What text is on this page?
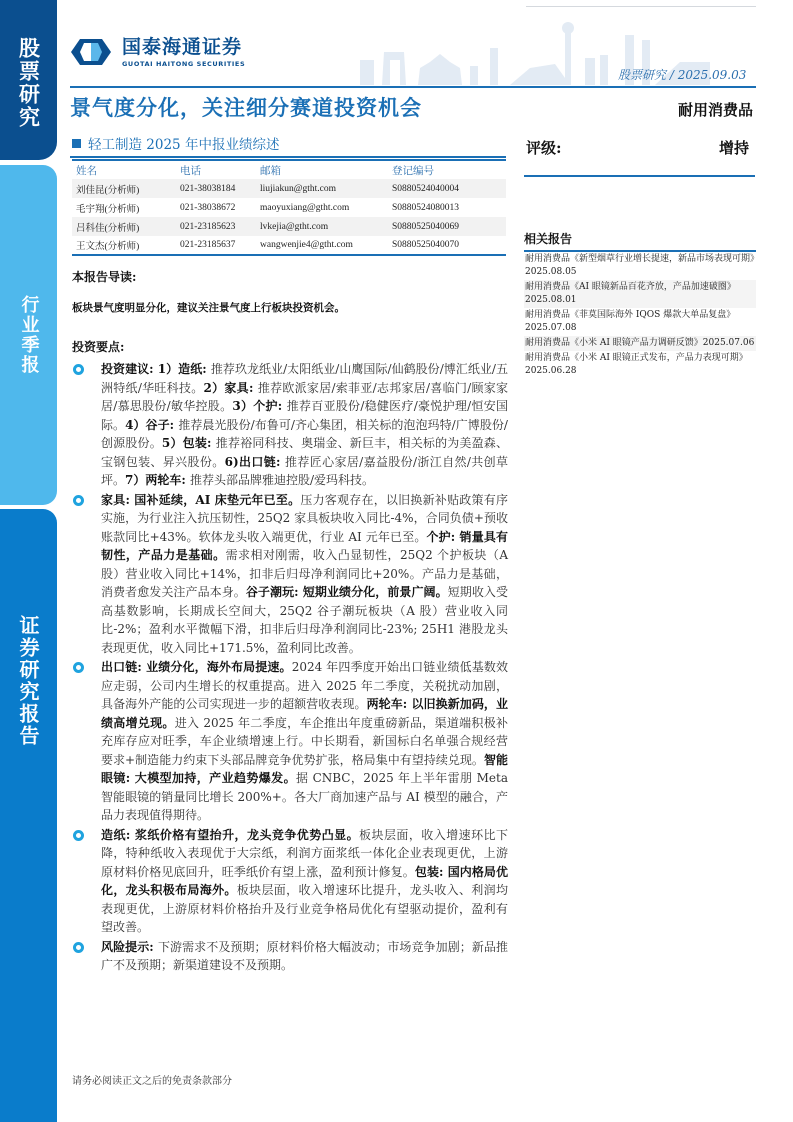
股票研究
行业季报
证券研究报告
国泰海通证券
GUOTAI HAITONG SECURITIES
股票研究 / 2025.09.03
景气度分化，关注细分赛道投资机会	耐用消费品
轻工制造 2025 年中报业绩综述	评级:	增持
姓名	电话	邮箱	登记编号
刘佳昆(分析师)	021-38038184	liujiakun@gtht.com	S0880524040004
毛宇翔(分析师)	021-38038672	maoyuxiang@gtht.com	S0880524080013
吕科佳(分析师)	021-23185623	lvkejia@gtht.com	S0880525040069
王文杰(分析师)	021-23185637	wangwenjie4@gtht.com	S0880525040070	相关报告
耐用消费品《新型烟草行业增长提速，新品市场表现可期》2025.08.05
耐用消费品《AI 眼镜新品百花齐放，产品加速破圈》2025.08.01
耐用消费品《菲莫国际海外 IQOS 爆款大单品复盘》2025.07.08
耐用消费品《小米 AI 眼镜产品力调研反馈》2025.07.06
耐用消费品《小米 AI 眼镜正式发布，产品力表现可期》2025.06.28
本报告导读:
板块景气度明显分化，建议关注景气度上行板块投资机会。
投资要点:
投资建议: 1）造纸: 推荐玖龙纸业/太阳纸业/山鹰国际/仙鹤股份/博汇纸业/五洲特纸/华旺科技。2）家具: 推荐欧派家居/索菲亚/志邦家居/喜临门/顾家家居/慕思股份/敏华控股。3）个护: 推荐百亚股份/稳健医疗/豪悦护理/恒安国际。4）谷子: 推荐晨光股份/布鲁可/齐心集团，相关标的泡泡玛特/广博股份/创源股份。5）包装: 推荐裕同科技、奥瑞金、新巨丰，相关标的为美盈森、宝钢包装、昇兴股份。6)出口链: 推荐匠心家居/嘉益股份/浙江自然/共创草坪。7）两轮车: 推荐头部品牌雅迪控股/爱玛科技。
家具: 国补延续，AI 床垫元年已至。压力客观存在，以旧换新补贴政策有序实施，为行业注入抗压韧性，25Q2 家具板块收入同比-4%，合同负债+预收账款同比+43%。软体龙头收入端更优，行业 AI 元年已至。个护: 销量具有韧性，产品力是基础。需求相对刚需，收入凸显韧性，25Q2 个护板块（A 股）营业收入同比+14%，扣非后归母净利润同比+20%。产品力是基础，消费者愈发关注产品本身。谷子潮玩: 短期业绩分化，前景广阔。短期收入受高基数影响，长期成长空间大，25Q2 谷子潮玩板块（A 股）营业收入同比-2%；盈利水平微幅下滑，扣非后归母净利润同比-23%; 25H1 港股龙头表现更优，收入同比+171.5%，盈利同比改善。
出口链: 业绩分化，海外布局提速。2024 年四季度开始出口链业绩低基数效应走弱，公司内生增长的权重提高。进入 2025 年二季度，关税扰动加剧，具备海外产能的公司实现进一步的超额营收表现。两轮车: 以旧换新加码，业绩高增兑现。进入 2025 年二季度，车企推出年度重磅新品，渠道端积极补充库存应对旺季，车企业绩增速上行。中长期看，新国标白名单强合规经营要求+制造能力约束下头部品牌竞争优势扩张，格局集中有望持续兑现。智能眼镜: 大模型加持，产业趋势爆发。据 CNBC，2025 年上半年雷朋 Meta 智能眼镜的销量同比增长 200%+。各大厂商加速产品与 AI 模型的融合，产品力表现值得期待。
造纸: 浆纸价格有望抬升，龙头竞争优势凸显。板块层面，收入增速环比下降，特种纸收入表现优于大宗纸，利润方面浆纸一体化企业表现更优，上游原材料价格见底回升，旺季纸价有望上涨，盈利预计修复。包装: 国内格局优化，龙头积极布局海外。板块层面，收入增速环比提升，龙头收入、利润均表现更优，上游原材料价格抬升及行业竞争格局优化有望驱动提价，盈利有望改善。
风险提示: 下游需求不及预期；原材料价格大幅波动；市场竞争加剧；新品推广不及预期；新渠道建设不及预期。
请务必阅读正文之后的免责条款部分
